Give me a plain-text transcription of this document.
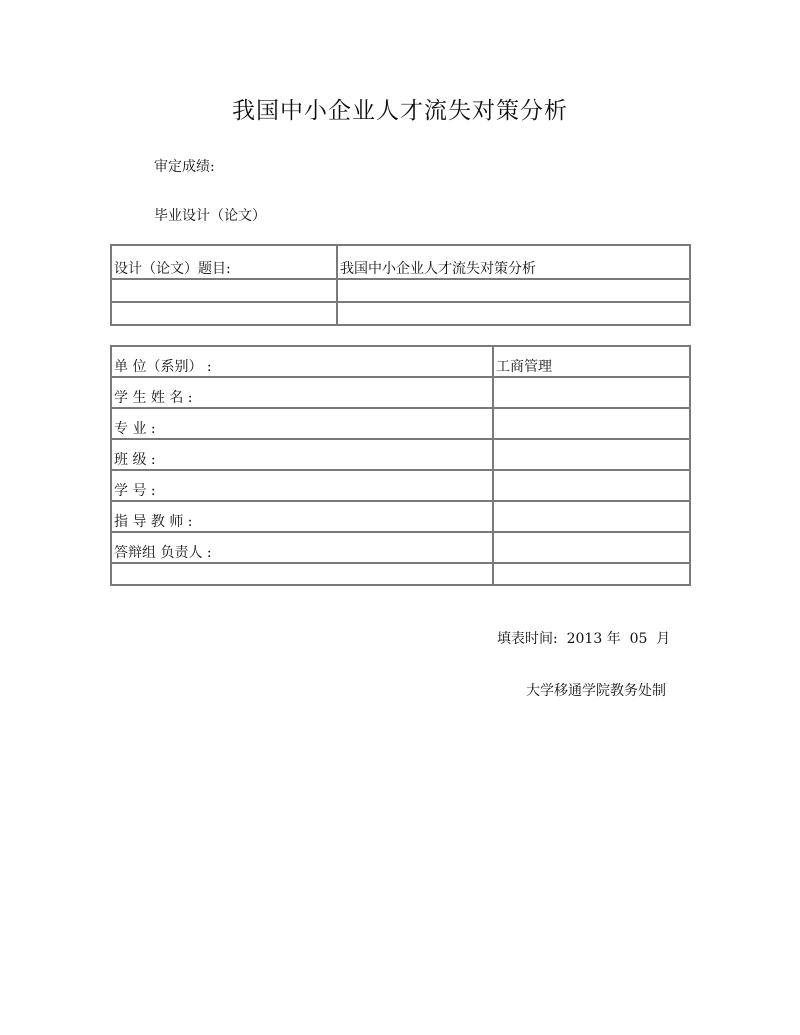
我国中小企业人才流失对策分析
审定成绩:
毕业设计（论文）
设计（论文）题目:	我国中小企业人才流失对策分析

单 位（系别） :	工商管理
学 生 姓 名 :	
专 业 :	
班 级 :	
学 号 :	
指 导 教 师 :	
答辩组 负责人 :	

填表时间:  2013 年  05  月
大学移通学院教务处制
